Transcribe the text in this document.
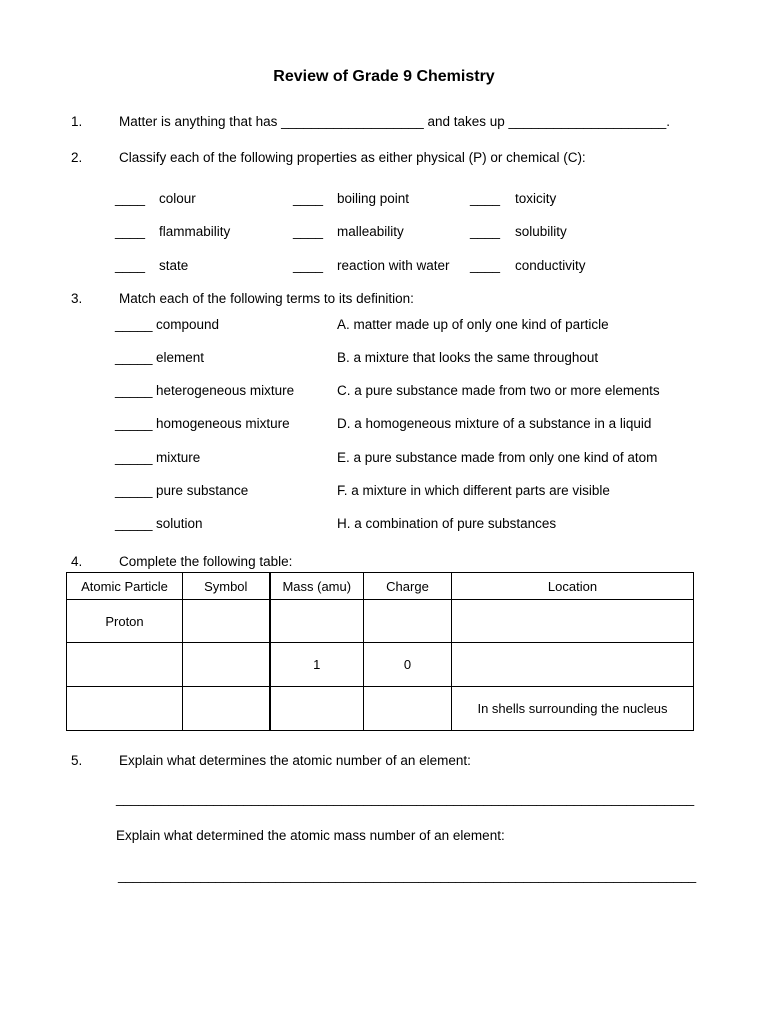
Review of Grade 9 Chemistry
1.	Matter is anything that has ___________________ and takes up _____________________.
2.	Classify each of the following properties as either physical (P) or chemical (C):
____ colour	____ boiling point	____ toxicity
____ flammability	____ malleability	____ solubility
____ state	____ reaction with water ____ conductivity
3.	Match each of the following terms to its definition:
_____ compound	A. matter made up of only one kind of particle
_____ element	B. a mixture that looks the same throughout
_____ heterogeneous mixture	C. a pure substance made from two or more elements
_____ homogeneous mixture	D. a homogeneous mixture of a substance in a liquid
_____ mixture	E. a pure substance made from only one kind of atom
_____ pure substance	F. a mixture in which different parts are visible
_____ solution	H. a combination of pure substances
4.	Complete the following table:
Atomic Particle	Symbol	Mass (amu)	Charge	Location
Proton				
		1	0	
				In shells surrounding the nucleus
5.	Explain what determines the atomic number of an element:
_____________________________________________________________________________
Explain what determined the atomic mass number of an element:
_____________________________________________________________________________
